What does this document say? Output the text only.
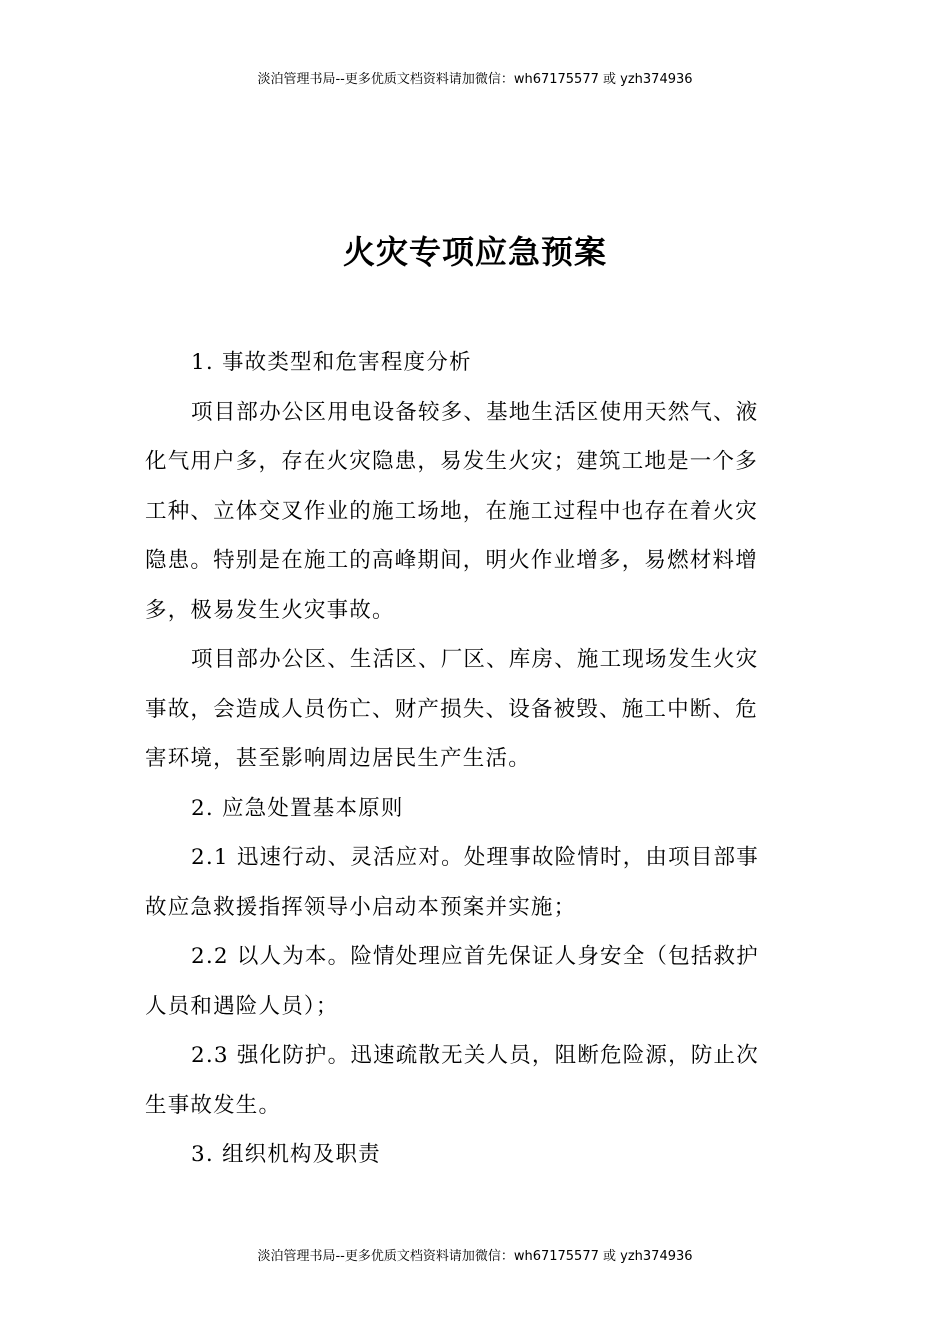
淡泊管理书局--更多优质文档资料请加微信：wh67175577 或 yzh374936
火灾专项应急预案

1. 事故类型和危害程度分析

项目部办公区用电设备较多、基地生活区使用天然气、液
化气用户多，存在火灾隐患，易发生火灾；建筑工地是一个多
工种、立体交叉作业的施工场地，在施工过程中也存在着火灾
隐患。特别是在施工的高峰期间，明火作业增多，易燃材料增
多，极易发生火灾事故。

项目部办公区、生活区、厂区、库房、施工现场发生火灾
事故，会造成人员伤亡、财产损失、设备被毁、施工中断、危
害环境，甚至影响周边居民生产生活。

2. 应急处置基本原则

2.1 迅速行动、灵活应对。处理事故险情时，由项目部事
故应急救援指挥领导小启动本预案并实施；

2.2 以人为本。险情处理应首先保证人身安全（包括救护
人员和遇险人员）；

2.3 强化防护。迅速疏散无关人员，阻断危险源，防止次
生事故发生。

3. 组织机构及职责

淡泊管理书局--更多优质文档资料请加微信：wh67175577 或 yzh374936
